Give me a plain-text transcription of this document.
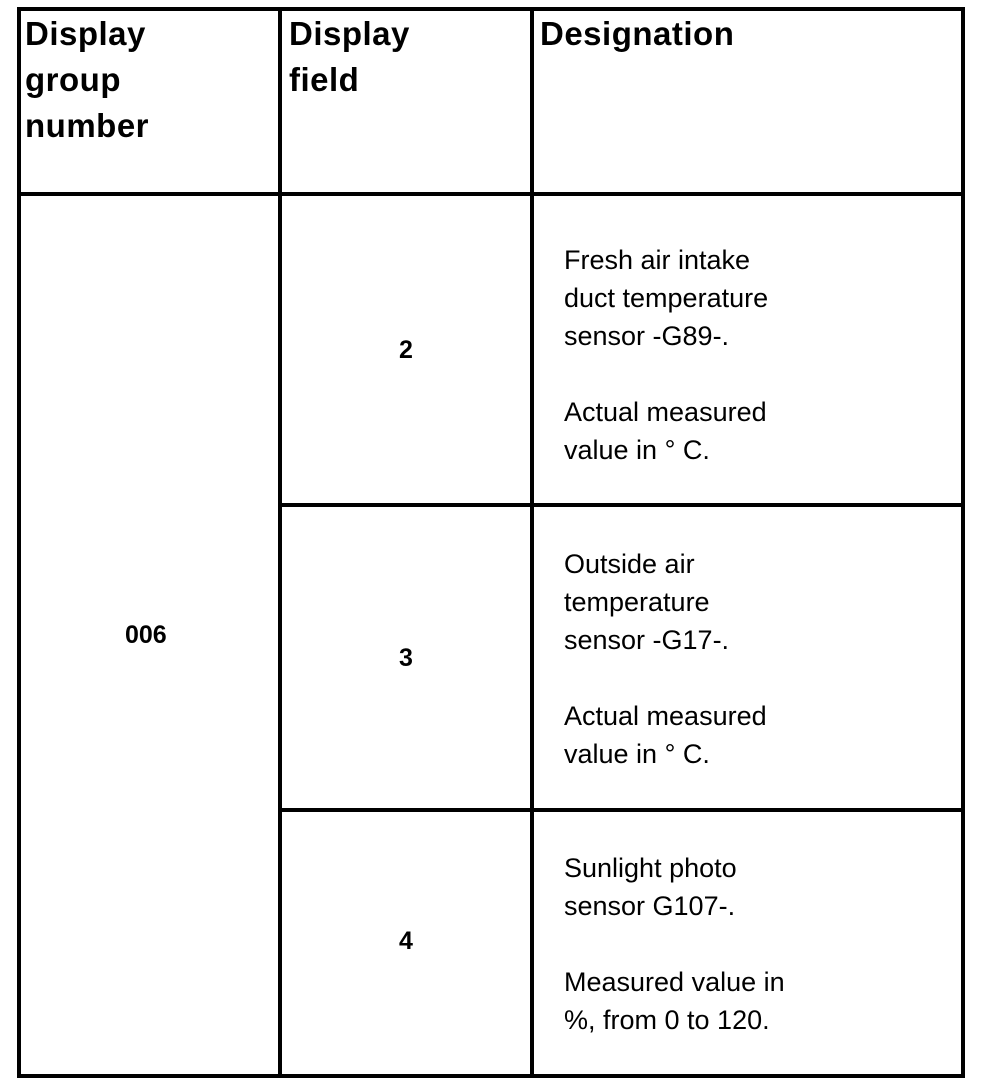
Display
group
number
Display
field
Designation
006
2
Fresh air intake
duct temperature
sensor -G89-.
Actual measured
value in ° C.
3
Outside air
temperature
sensor -G17-.
Actual measured
value in ° C.
4
Sunlight photo
sensor G107-.
Measured value in
%, from 0 to 120.
